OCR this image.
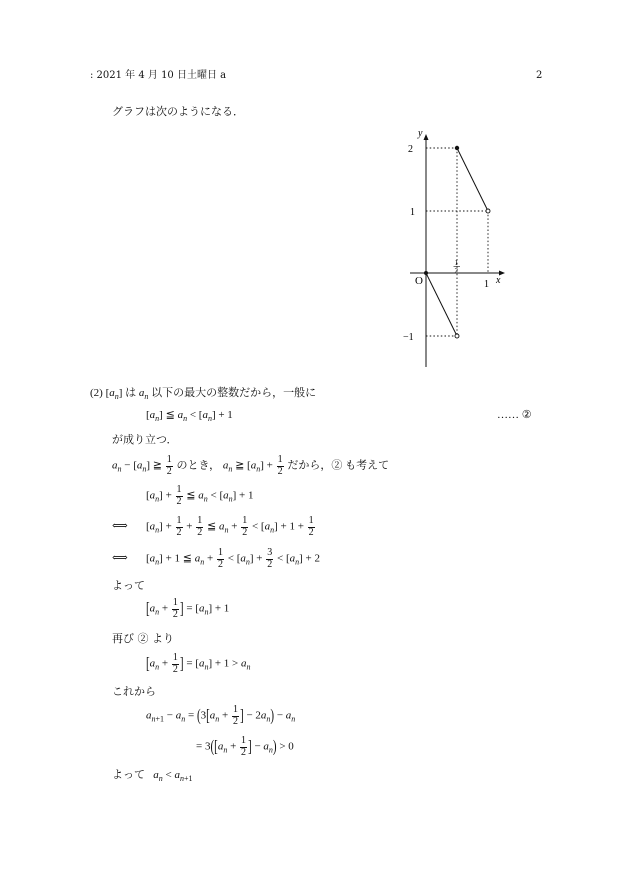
: 2021 年 4 月 10 日土曜日 a	2
グラフは次のようになる．
y
x
O
2
1
−1
1
1
2
(2) $[a_n]$ は $a_n$ 以下の最大の整数だから，一般に
$[a_n]$ ≦ $a_n < [a_n] + 1$	…… ②
が成り立つ．
$a_n - [a_n]$ ≧ $\frac{1}{2}$ のとき， $a_n$ ≧ $[a_n] + \frac{1}{2}$ だから，② も考えて
$[a_n] + \frac{1}{2}$ ≦ $a_n < [a_n] + 1$
⟺ $[a_n] + \frac{1}{2} + \frac{1}{2}$ ≦ $a_n + \frac{1}{2} < [a_n] + 1 + \frac{1}{2}$
⟺ $[a_n] + 1$ ≦ $a_n + \frac{1}{2} < [a_n] + \frac{3}{2} < [a_n] + 2$
よって
[$a_n + \frac{1}{2}$ ] = $[a_n] + 1$
再び ② より
[$a_n + \frac{1}{2}$ ] = $[a_n] + 1 > a_n$
これから
$a_{n+1} - a_n = (3[a_n + \frac{1}{2}$ ] − $2a_n) - a_n$
= $3([a_n + \frac{1}{2}$ ] − $a_n) > 0$
よって $a_n < a_{n+1}$
